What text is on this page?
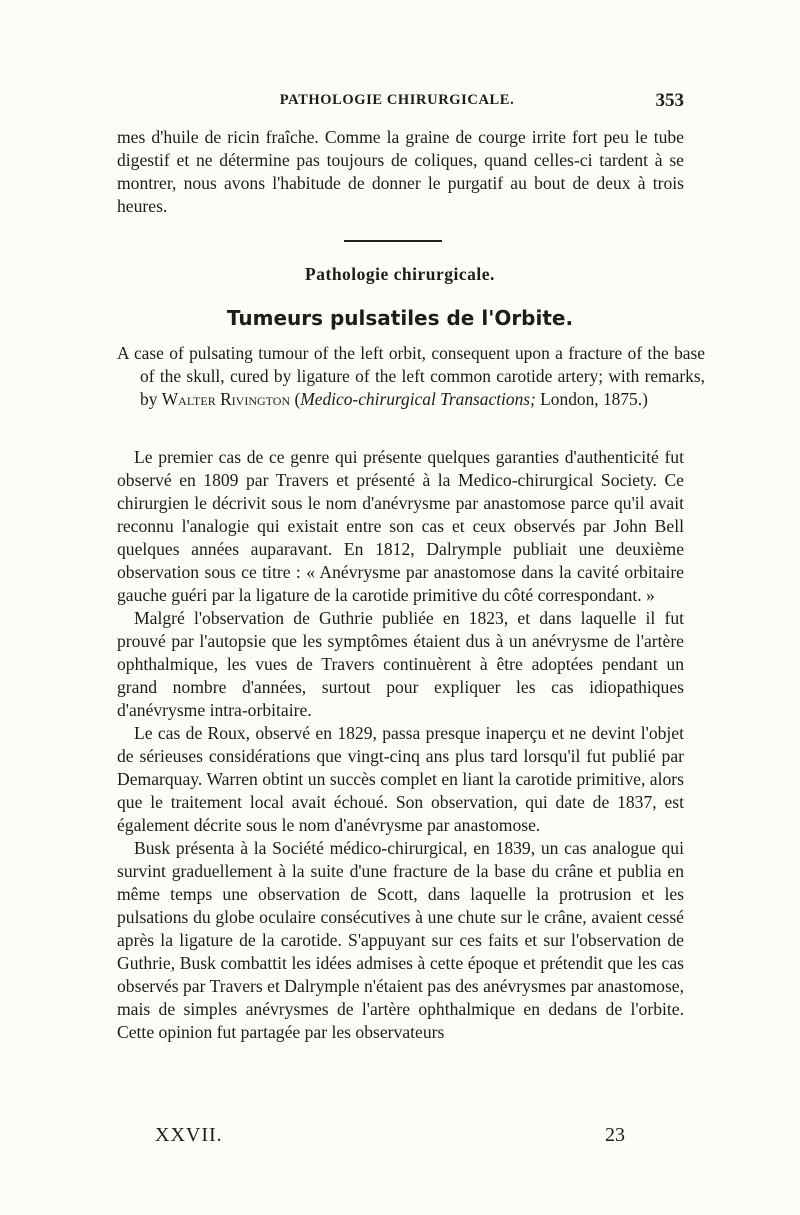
PATHOLOGIE CHIRURGICALE.	353

mes d'huile de ricin fraîche. Comme la graine de courge irrite fort peu le tube digestif et ne détermine pas toujours de coliques, quand celles-ci tardent à se montrer, nous avons l'habitude de donner le purgatif au bout de deux à trois heures.

Pathologie chirurgicale.
Tumeurs pulsatiles de l'Orbite.
A case of pulsating tumour of the left orbit, consequent upon a fracture of the base of the skull, cured by ligature of the left common carotide artery; with remarks, by Walter Rivington (Medico-chirurgical Transactions; London, 1875.)

Le premier cas de ce genre qui présente quelques garanties d'authenticité fut observé en 1809 par Travers et présenté à la Medico-chirurgical Society. Ce chirurgien le décrivit sous le nom d'anévrysme par anastomose parce qu'il avait reconnu l'analogie qui existait entre son cas et ceux observés par John Bell quelques années auparavant. En 1812, Dalrymple publiait une deuxième observation sous ce titre : « Anévrysme par anastomose dans la cavité orbitaire gauche guéri par la ligature de la carotide primitive du côté correspondant. »

Malgré l'observation de Guthrie publiée en 1823, et dans laquelle il fut prouvé par l'autopsie que les symptômes étaient dus à un anévrysme de l'artère ophthalmique, les vues de Travers continuèrent à être adoptées pendant un grand nombre d'années, surtout pour expliquer les cas idiopathiques d'anévrysme intra-orbitaire.

Le cas de Roux, observé en 1829, passa presque inaperçu et ne devint l'objet de sérieuses considérations que vingt-cinq ans plus tard lorsqu'il fut publié par Demarquay. Warren obtint un succès complet en liant la carotide primitive, alors que le traitement local avait échoué. Son observation, qui date de 1837, est également décrite sous le nom d'anévrysme par anastomose.

Busk présenta à la Société médico-chirurgical, en 1839, un cas analogue qui survint graduellement à la suite d'une fracture de la base du crâne et publia en même temps une observation de Scott, dans laquelle la protrusion et les pulsations du globe oculaire consécutives à une chute sur le crâne, avaient cessé après la ligature de la carotide. S'appuyant sur ces faits et sur l'observation de Guthrie, Busk combattit les idées admises à cette époque et prétendit que les cas observés par Travers et Dalrymple n'étaient pas des anévrysmes par anastomose, mais de simples anévrysmes de l'artère ophthalmique en dedans de l'orbite. Cette opinion fut partagée par les observateurs

XXVII.	23
